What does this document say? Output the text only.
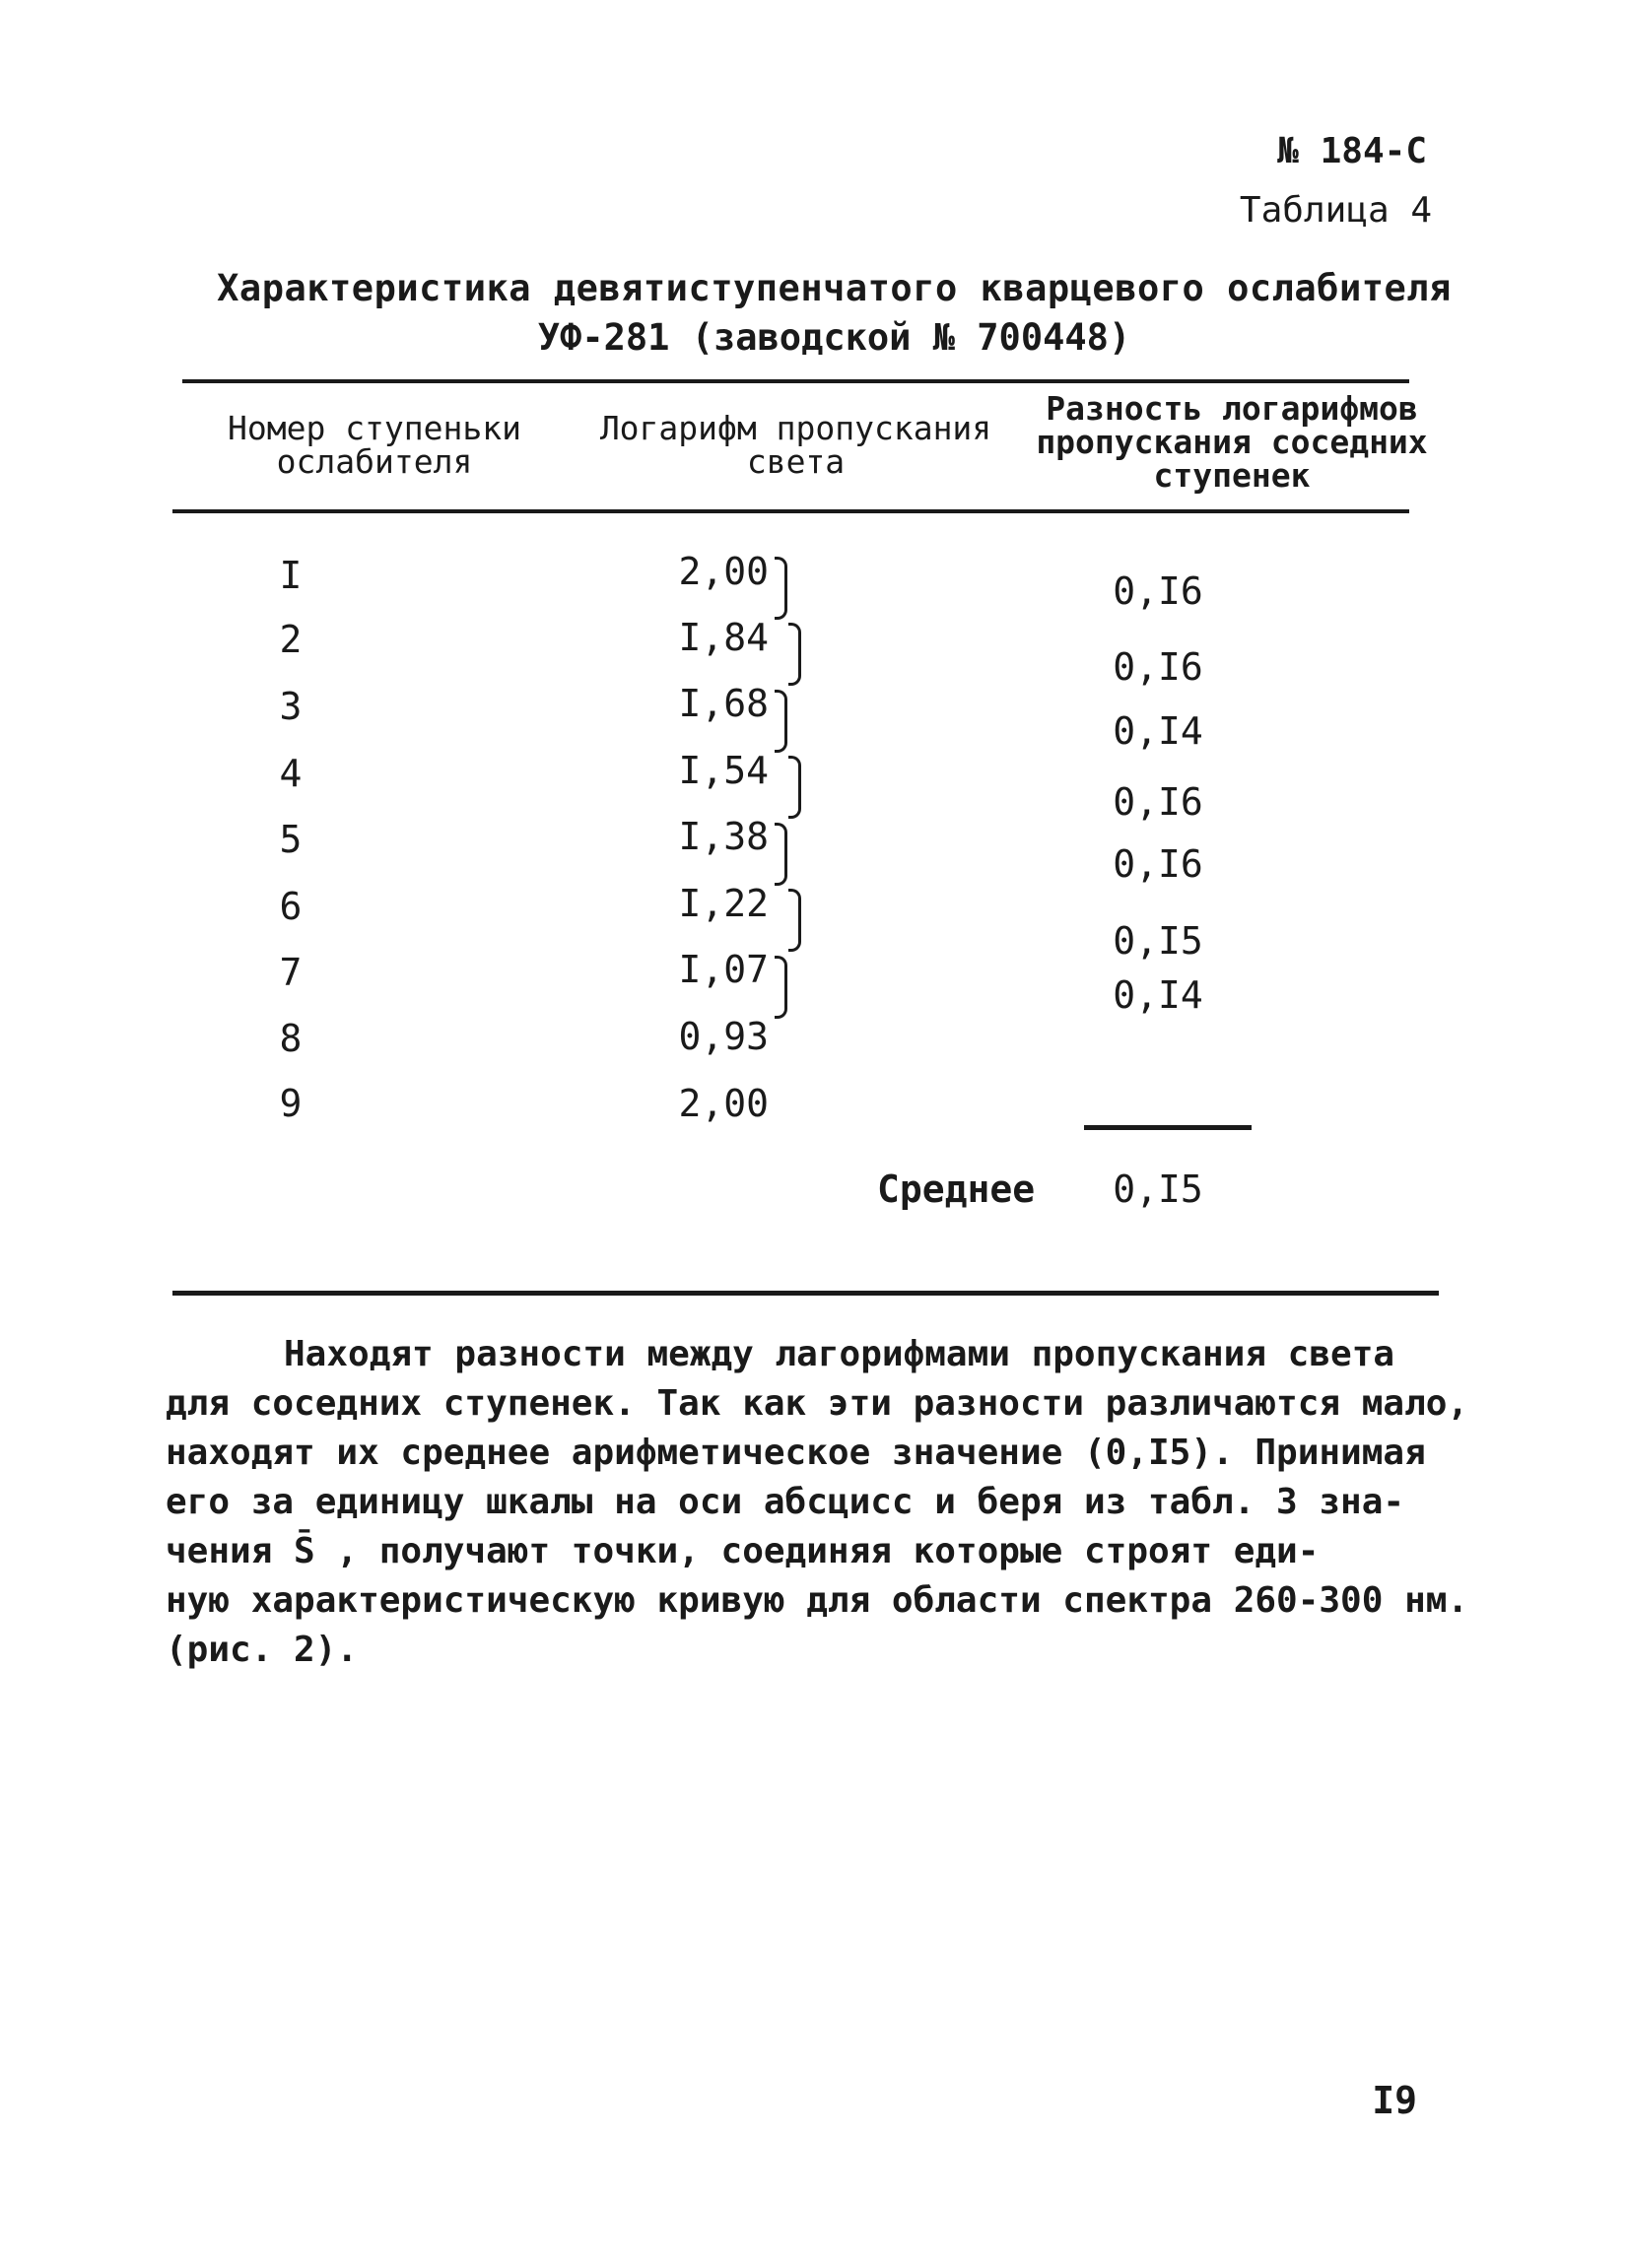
№ 184-С
Таблица 4
Характеристика девятиступенчатого кварцевого ослабителя
УФ-281 (заводской № 700448)
Номер ступеньки ослабителя
Логарифм пропускания света
Разность логарифмов пропускания соседних ступенек
I
2
3
4
5
6
7
8
9
2,00
I,84
I,68
I,54
I,38
I,22
I,07
0,93
2,00
0,I6
0,I6
0,I4
0,I6
0,I6
0,I5
0,I4
Среднее 0,I5
Находят разности между лагорифмами пропускания света
для соседних ступенек. Так как эти разности различаются мало,
находят их среднее арифметическое значение (0,I5). Принимая
его за единицу шкалы на оси абсцисс и беря из табл. 3 зна-
чения S̄ , получают точки, соединяя которые строят еди-
ную характеристическую кривую для области спектра 260-300 нм.
(рис. 2).
I9
